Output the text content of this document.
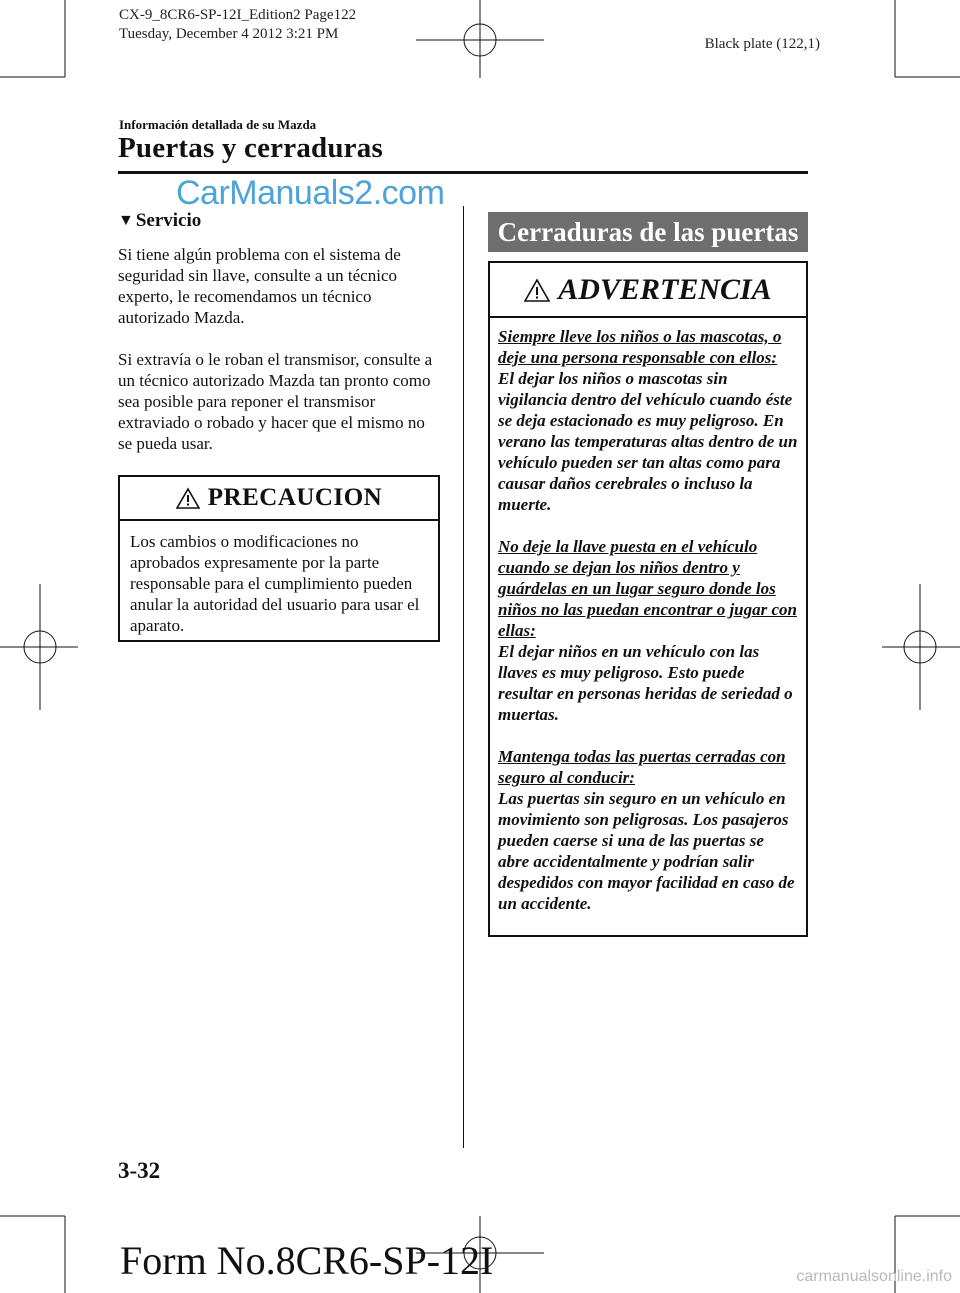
CX-9_8CR6-SP-12I_Edition2 Page122
Tuesday, December 4 2012 3:21 PM
Black plate (122,1)
Información detallada de su Mazda
Puertas y cerraduras
CarManuals2.com
▼ Servicio

Si tiene algún problema con el sistema de seguridad sin llave, consulte a un técnico experto, le recomendamos un técnico autorizado Mazda.

Si extravía o le roban el transmisor, consulte a un técnico autorizado Mazda tan pronto como sea posible para reponer el transmisor extraviado o robado y hacer que el mismo no se pueda usar.

PRECAUCION
Los cambios o modificaciones no aprobados expresamente por la parte responsable para el cumplimiento pueden anular la autoridad del usuario para usar el aparato.
Cerraduras de las puertas
ADVERTENCIA

Siempre lleve los niños o las mascotas, o deje una persona responsable con ellos:
El dejar los niños o mascotas sin vigilancia dentro del vehículo cuando éste se deja estacionado es muy peligroso. En verano las temperaturas altas dentro de un vehículo pueden ser tan altas como para causar daños cerebrales o incluso la muerte.

No deje la llave puesta en el vehículo cuando se dejan los niños dentro y guárdelas en un lugar seguro donde los niños no las puedan encontrar o jugar con ellas:
El dejar niños en un vehículo con las llaves es muy peligroso. Esto puede resultar en personas heridas de seriedad o muertas.

Mantenga todas las puertas cerradas con seguro al conducir:
Las puertas sin seguro en un vehículo en movimiento son peligrosas. Los pasajeros pueden caerse si una de las puertas se abre accidentalmente y podrían salir despedidos con mayor facilidad en caso de un accidente.

3-32
Form No.8CR6-SP-12I	carmanualsonline.info
